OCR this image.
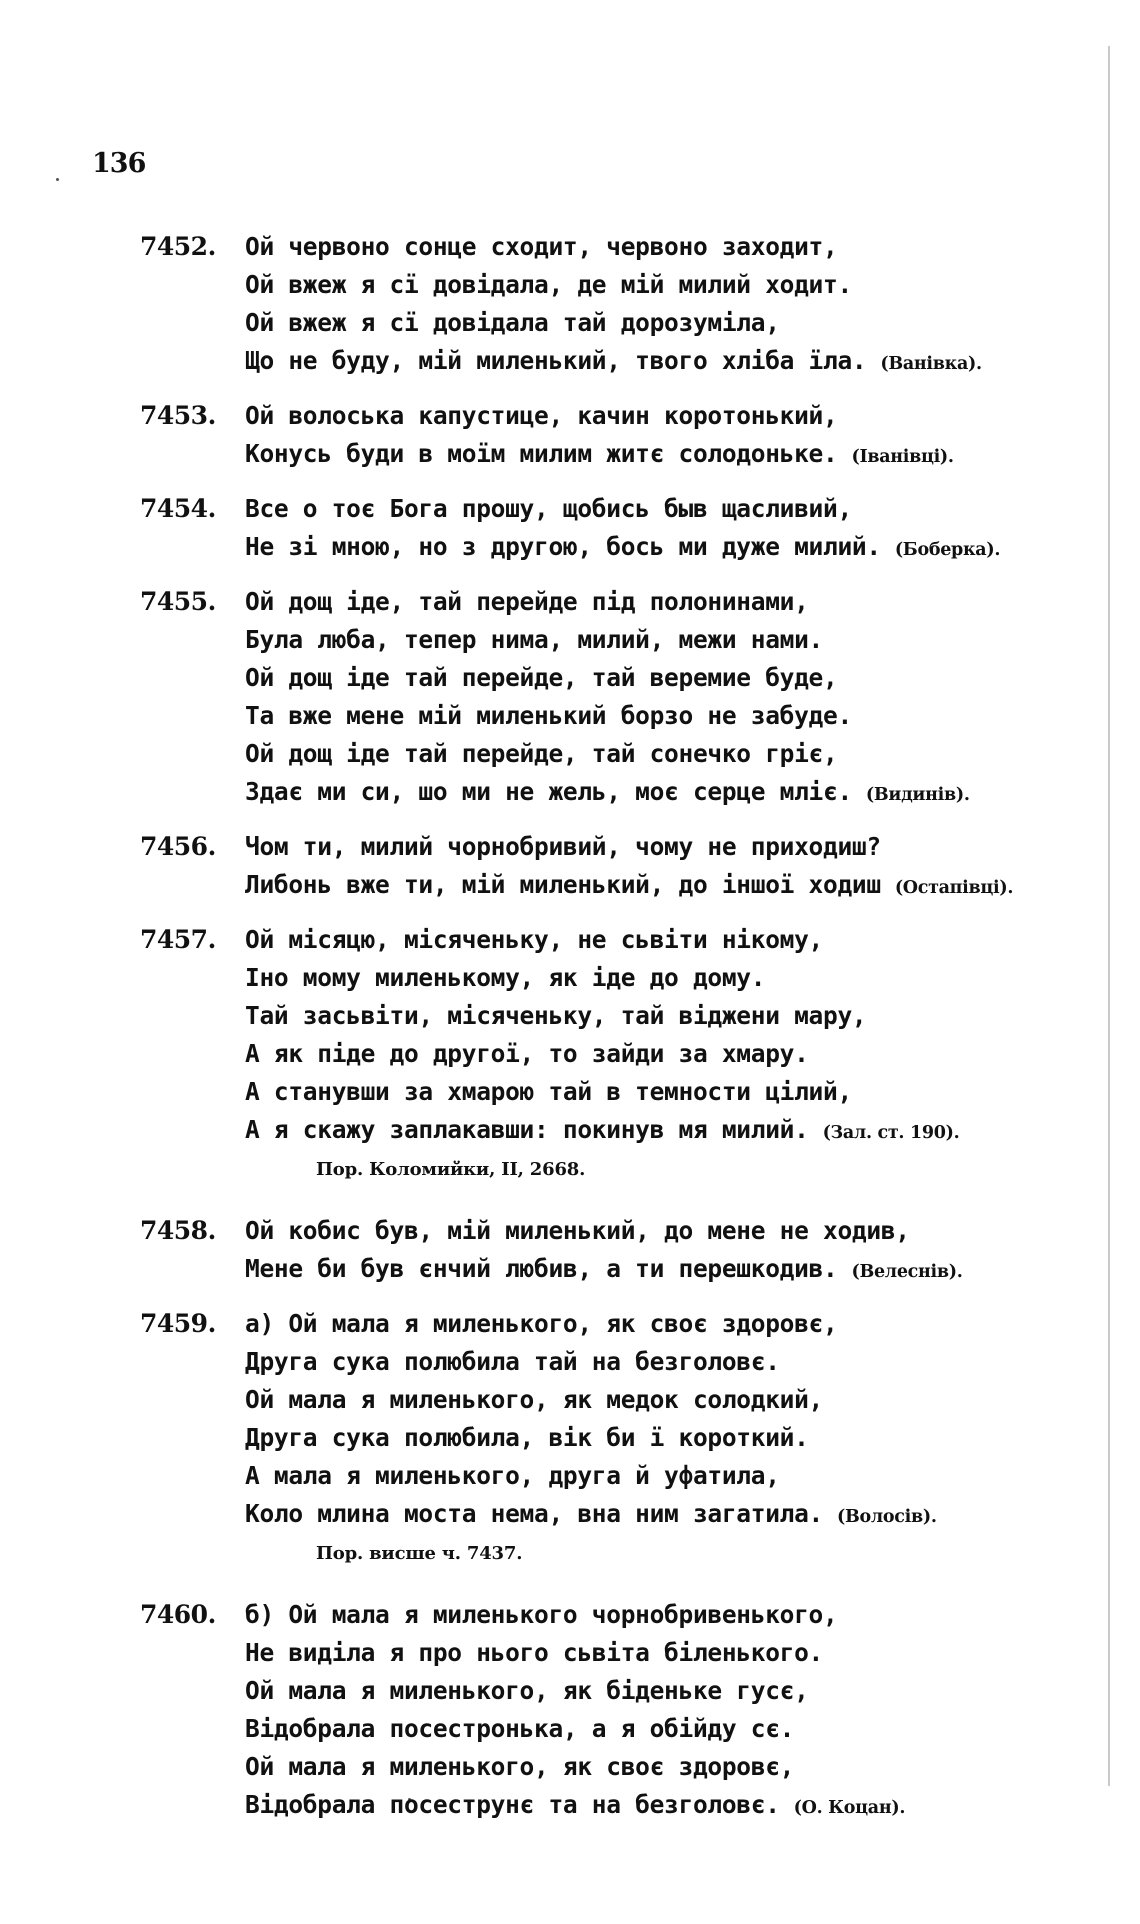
136
7452.	Ой червоно сонце сходит, червоно заходит,
Ой вжеж я сї довідала, де мій милий ходит.
Ой вжеж я сї довідала тай дорозуміла,
Що не буду, мій миленький, твого хліба їла. (Ванівка).
7453.	Ой волоська капустице, качин коротонький,
Конусь буди в моїм милим житє солодоньке. (Іванівці).
7454.	Все о тоє Бога прошу, щобись быв щасливий,
Не зі мною, но з другою, бось ми дуже милий. (Боберка).
7455.	Ой дощ іде, тай перейде під полонинами,
Була люба, тепер нима, милий, межи нами.
Ой дощ іде тай перейде, тай веремие буде,
Та вже мене мій миленький борзо не забуде.
Ой дощ іде тай перейде, тай сонечко гріє,
Здає ми си, шо ми не жель, моє серце мліє. (Видинів).
7456.	Чом ти, милий чорнобривий, чому не приходиш?
Либонь вже ти, мій миленький, до іншої ходиш (Остапівці).
7457.	Ой місяцю, місяченьку, не сьвіти нікому,
Іно мому миленькому, як іде до дому.
Тай засьвіти, місяченьку, тай віджени мару,
А як піде до другої, то зайди за хмару.
А станувши за хмарою тай в темности цілий,
А я скажу заплакавши: покинув мя милий. (Зал. ст. 190).
Пор. Коломийки, II, 2668.
7458.	Ой кобис був, мій миленький, до мене не ходив,
Мене би був єнчий любив, а ти перешкодив. (Велеснів).
7459.	а) Ой мала я миленького, як своє здоровє,
Друга сука полюбила тай на безголовє.
Ой мала я миленького, як медок солодкий,
Друга сука полюбила, вік би ї короткий.
А мала я миленького, друга й уфатила,
Коло млина моста нема, вна ним загатила. (Волосів).
Пор. висше ч. 7437.
7460.	б) Ой мала я миленького чорнобривенького,
Не виділа я про нього сьвіта біленького.
Ой мала я миленького, як біденьке гусє,
Відобрала посестронька, а я обійду сє.
Ой мала я миленького, як своє здоровє,
Відобрала посеструнє та на безголовє. (О. Коцан).
